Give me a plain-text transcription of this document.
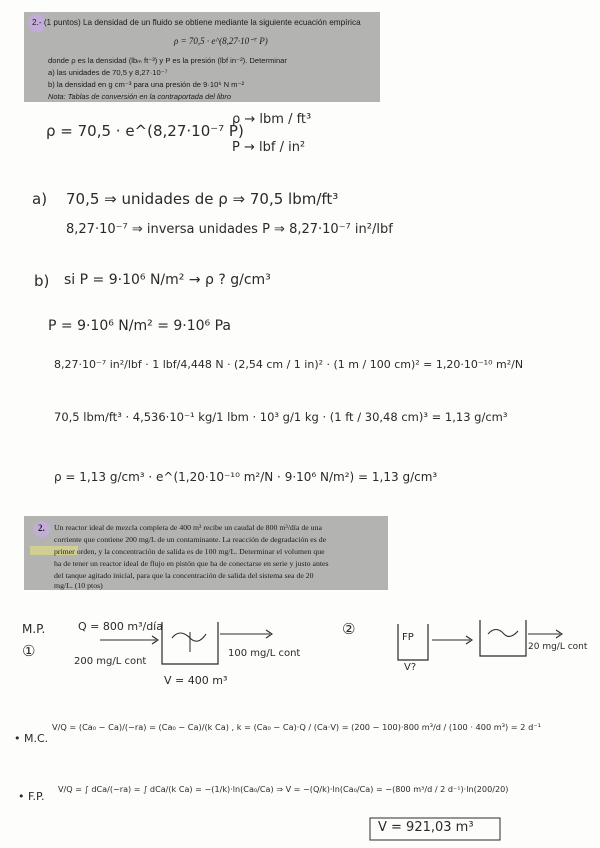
2.- (1 puntos) La densidad de un fluido se obtiene mediante la siguiente ecuación empírica
ρ = 70,5 · e^(8,27·10⁻⁷ P)
donde ρ es la densidad (lbₘ ft⁻³) y P es la presión (lbf in⁻²). Determinar
a) las unidades de 70,5 y 8,27·10⁻⁷
b) la densidad en g cm⁻³ para una presión de 9·10⁶ N m⁻²
Nota: Tablas de conversión en la contraportada del libro
ρ = 70,5 · e^(8,27·10⁻⁷ P)
ρ → lbm / ft³
P → lbf / in²
a) 70,5 ⇒ unidades de ρ ⇒ 70,5 lbm/ft³
8,27·10⁻⁷ ⇒ inversa unidades P ⇒ 8,27·10⁻⁷ in²/lbf
b) si P = 9·10⁶ N/m² → ρ ? g/cm³
P = 9·10⁶ N/m² = 9·10⁶ Pa
8,27·10⁻⁷ in²/lbf · 1 lbf/4,448 N · (2,54 cm / 1 in)² · (1 m / 100 cm)² = 1,20·10⁻¹⁰ m²/N
70,5 lbm/ft³ · 4,536·10⁻¹ kg/1 lbm · 10³ g/1 kg · (1 ft / 30,48 cm)³ = 1,13 g/cm³
ρ = 1,13 g/cm³ · e^(1,20·10⁻¹⁰ m²/N · 9·10⁶ N/m²) = 1,13 g/cm³
2. Un reactor ideal de mezcla completa de 400 m³ recibe un caudal de 800 m³/día de una
corriente que contiene 200 mg/L de un contaminante. La reacción de degradación es de
primer orden, y la concentración de salida es de 100 mg/L. Determinar el volumen que
ha de tener un reactor ideal de flujo en pistón que ha de conectarse en serie y justo antes
del tanque agitado inicial, para que la concentración de salida del sistema sea de 20
mg/L. (10 ptos)
M.P.
①
Q = 800 m³/día
200 mg/L cont
100 mg/L cont
V = 400 m³
②	FP
V?
20 mg/L cont
• M.C.
V/Q = (Ca₀ − Ca)/(−ra) = (Ca₀ − Ca)/(k Ca) , k = (Ca₀ − Ca)·Q / (Ca·V) = (200 − 100)·800 m³/d / (100 · 400 m³) = 2 d⁻¹
• F.P.
V/Q = ∫ dCa/(−ra) = ∫ dCa/(k Ca) = −(1/k)·ln(Ca₀/Ca) ⇒ V = −(Q/k)·ln(Ca₀/Ca) = −(800 m³/d / 2 d⁻¹)·ln(200/20)
V = 921,03 m³
